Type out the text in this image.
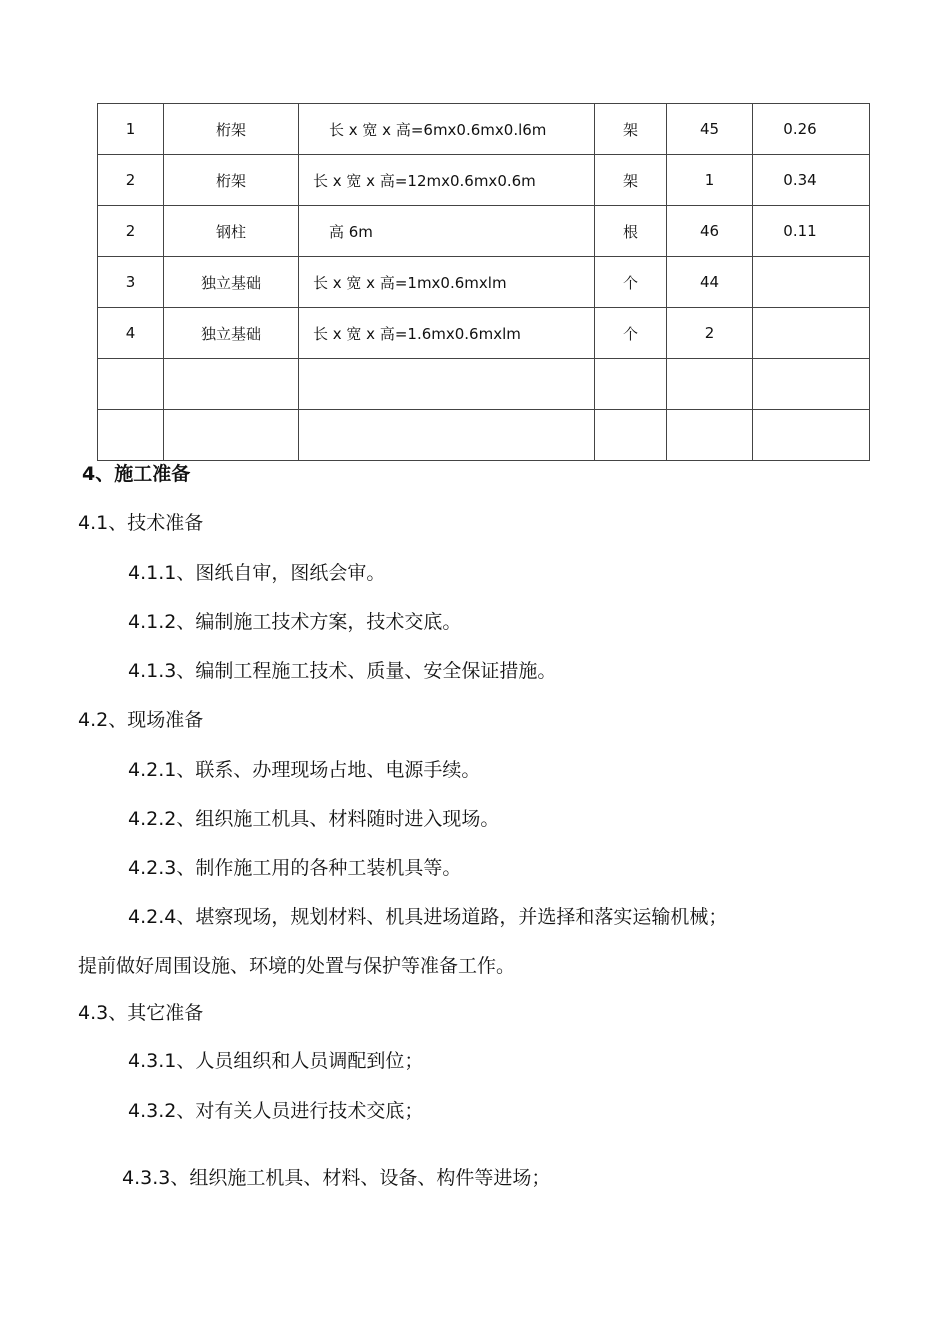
1	桁架	长 x 宽 x 高=6mx0.6mx0.l6m	架	45	0.26
2	桁架	长 x 宽 x 高=12mx0.6mx0.6m	架	1	0.34
2	钢柱	高 6m	根	46	0.11
3	独立基础	长 x 宽 x 高=1mx0.6mxlm	个	44	
4	独立基础	长 x 宽 x 高=1.6mx0.6mxlm	个	2	

4、施工准备
4.1、技术准备
4.1.1、图纸自审，图纸会审。
4.1.2、编制施工技术方案，技术交底。
4.1.3、编制工程施工技术、质量、安全保证措施。
4.2、现场准备
4.2.1、联系、办理现场占地、电源手续。
4.2.2、组织施工机具、材料随时进入现场。
4.2.3、制作施工用的各种工装机具等。
4.2.4、堪察现场，规划材料、机具进场道路，并选择和落实运输机械；
提前做好周围设施、环境的处置与保护等准备工作。
4.3、其它准备
4.3.1、人员组织和人员调配到位；
4.3.2、对有关人员进行技术交底；
4.3.3、组织施工机具、材料、设备、构件等进场；
